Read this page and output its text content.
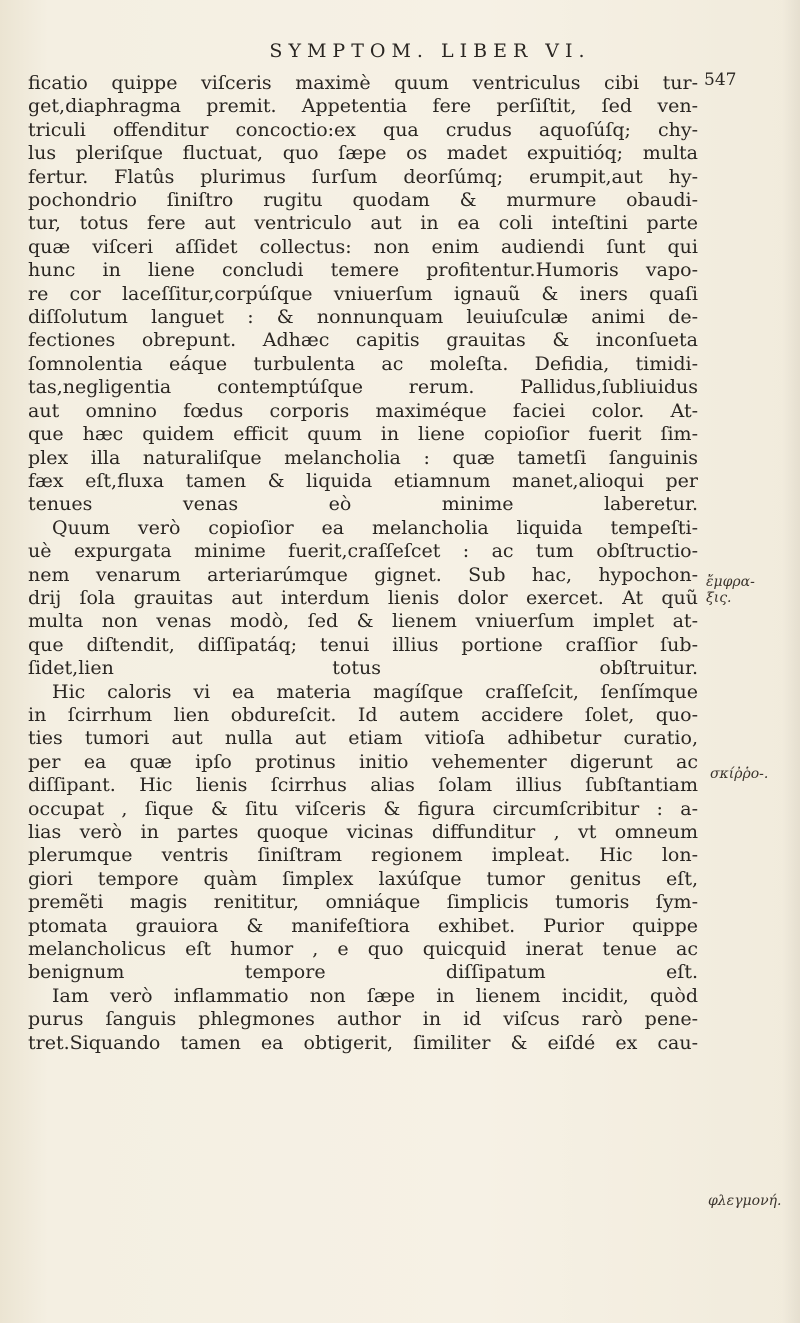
SYMPTOM. LIBER VI.
547
ficatio quippe viſceris maximè quum ventriculus cibi tur-
get,diaphragma premit. Appetentia fere perſiſtit, ſed ven-
triculi offenditur concoctio:ex qua crudus aquoſúſq; chy-
lus pleriſque fluctuat, quo ſæpe os madet expuitióq; multa
fertur. Flatûs plurimus ſurſum deorſúmq; erumpit,aut hy-
pochondrio ſiniſtro rugitu quodam & murmure obaudi-
tur, totus fere aut ventriculo aut in ea coli inteſtini parte
quæ viſceri aſſidet collectus: non enim audiendi ſunt qui
hunc in liene concludi temere profitentur.Humoris vapo-
re cor laceſſitur,corpúſque vniuerſum ignauũ & iners quaſi
diſſolutum languet : & nonnunquam leuiuſculæ animi de-
fectiones obrepunt. Adhæc capitis grauitas & inconſueta
ſomnolentia eáque turbulenta ac moleſta. Defidia, timidi-
tas,negligentia contemptúſque rerum. Pallidus,ſubliuidus
aut omnino fœdus corporis maximéque faciei color. At-
que hæc quidem efficit quum in liene copioſior fuerit ſim-
plex illa naturaliſque melancholia : quæ tametſi ſanguinis
fæx eſt,fluxa tamen & liquida etiamnum manet,alioqui per
tenues venas eò minime laberetur.
Quum verò copioſior ea melancholia liquida tempeſti-
uè expurgata minime fuerit,craſſeſcet : ac tum obſtructio-
nem venarum arteriarúmque gignet. Sub hac, hypochon-
drij ſola grauitas aut interdum lienis dolor exercet. At quũ
multa non venas modò, ſed & lienem vniuerſum implet at-
que diſtendit, diſſipatáq; tenui illius portione craſſior ſub-
ſidet,lien totus obſtruitur.
Hic caloris vi ea materia magíſque craſſeſcit, ſenſímque
in ſcirrhum lien obdureſcit. Id autem accidere ſolet, quo-
ties tumori aut nulla aut etiam vitioſa adhibetur curatio,
per ea quæ ipſo protinus initio vehementer digerunt ac
diſſipant. Hic lienis ſcirrhus alias ſolam illius ſubſtantiam
occupat , ſique & ſitu viſceris & figura circumſcribitur : a-
lias verò in partes quoque vicinas diffunditur , vt omneum
plerumque ventris ſiniſtram regionem impleat. Hic lon-
giori tempore quàm ſimplex laxúſque tumor genitus eſt,
premẽti magis renititur, omniáque ſimplicis tumoris ſym-
ptomata grauiora & manifeſtiora exhibet. Purior quippe
melancholicus eſt humor , e quo quicquid inerat tenue ac
benignum tempore diſſipatum eſt.
Iam verò inflammatio non ſæpe in lienem incidit, quòd
purus ſanguis phlegmones author in id viſcus rarò pene-
tret.Siquando tamen ea obtigerit, ſimiliter & eiſdé ex cau-
ἔμφρα-
ξις.
σκίῤῥο-.
φλεγμονή.
